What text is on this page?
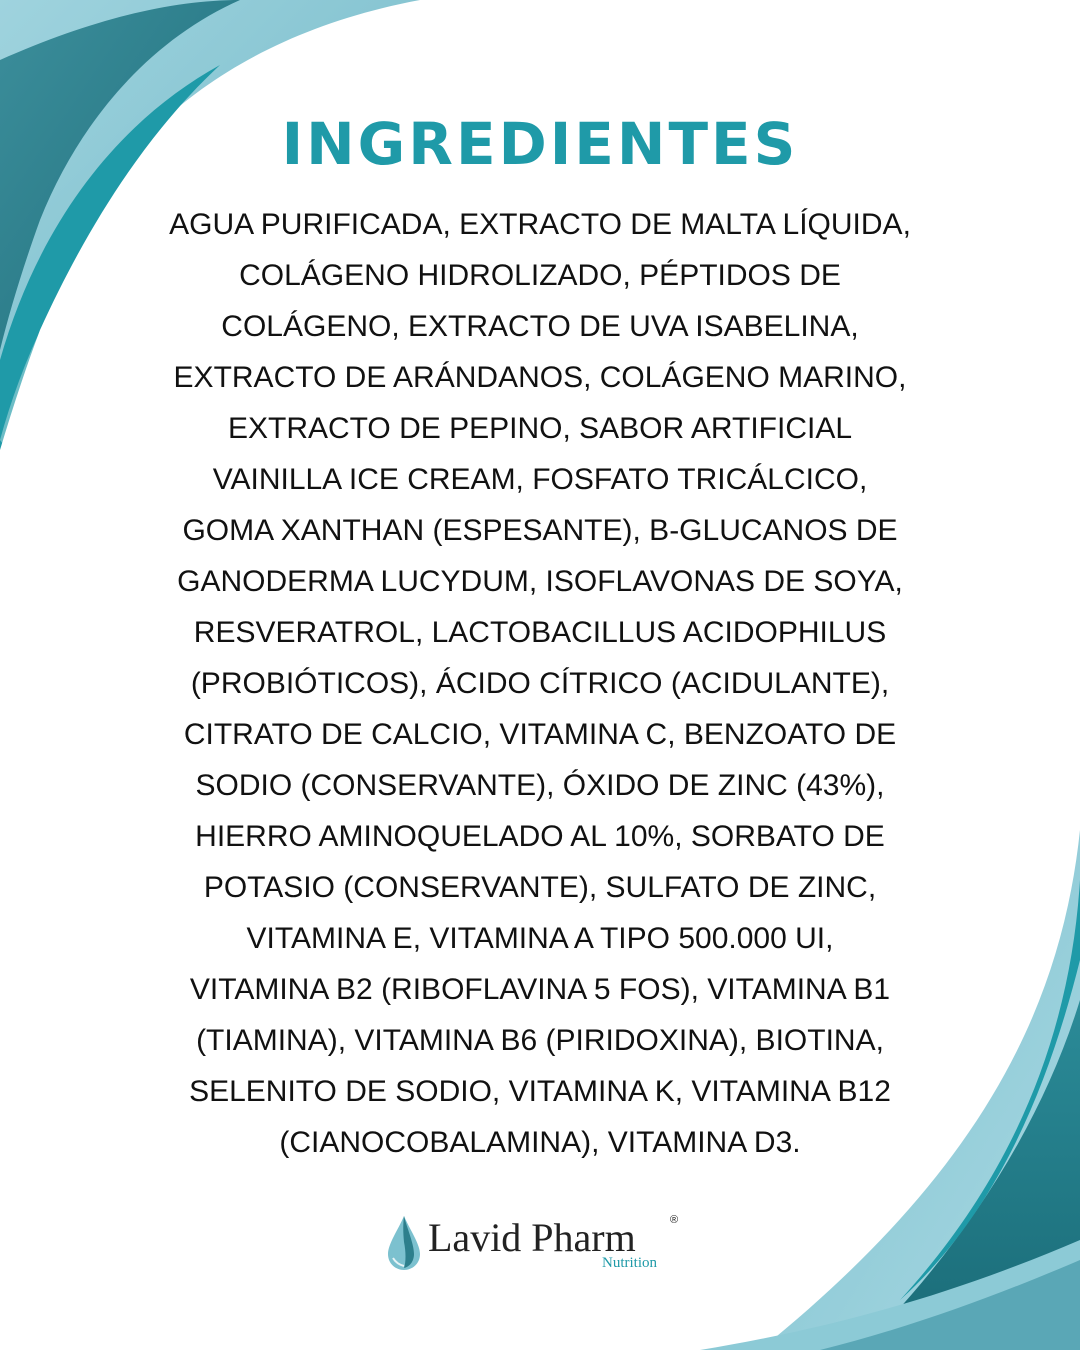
INGREDIENTES
AGUA PURIFICADA, EXTRACTO DE MALTA LÍQUIDA,
COLÁGENO HIDROLIZADO, PÉPTIDOS DE
COLÁGENO, EXTRACTO DE UVA ISABELINA,
EXTRACTO DE ARÁNDANOS, COLÁGENO MARINO,
EXTRACTO DE PEPINO, SABOR ARTIFICIAL
VAINILLA ICE CREAM, FOSFATO TRICÁLCICO,
GOMA XANTHAN (ESPESANTE), B-GLUCANOS DE
GANODERMA LUCYDUM, ISOFLAVONAS DE SOYA,
RESVERATROL, LACTOBACILLUS ACIDOPHILUS
(PROBIÓTICOS), ÁCIDO CÍTRICO (ACIDULANTE),
CITRATO DE CALCIO, VITAMINA C, BENZOATO DE
SODIO (CONSERVANTE), ÓXIDO DE ZINC (43%),
HIERRO AMINOQUELADO AL 10%, SORBATO DE
POTASIO (CONSERVANTE), SULFATO DE ZINC,
VITAMINA E, VITAMINA A TIPO 500.000 UI,
VITAMINA B2 (RIBOFLAVINA 5 FOS), VITAMINA B1
(TIAMINA), VITAMINA B6 (PIRIDOXINA), BIOTINA,
SELENITO DE SODIO, VITAMINA K, VITAMINA B12
(CIANOCOBALAMINA), VITAMINA D3.
Lavid Pharm	®
Nutrition
